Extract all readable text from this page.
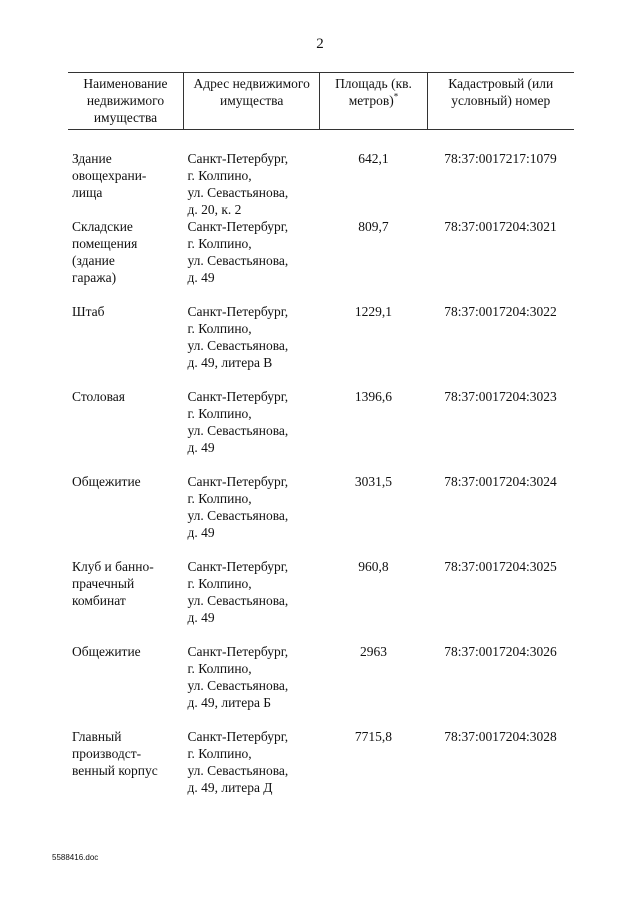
2
Наименование недвижимого имущества	Адрес недвижимого имущества	Площадь (кв. метров)*	Кадастровый (или условный) номер
Здание
овощехрани-
лища	Санкт-Петербург,
г. Колпино,
ул. Севастьянова,
д. 20, к. 2	642,1	78:37:0017217:1079
Складские
помещения
(здание
гаража)	Санкт-Петербург,
г. Колпино,
ул. Севастьянова,
д. 49	809,7	78:37:0017204:3021
Штаб	Санкт-Петербург,
г. Колпино,
ул. Севастьянова,
д. 49, литера В	1229,1	78:37:0017204:3022
Столовая	Санкт-Петербург,
г. Колпино,
ул. Севастьянова,
д. 49	1396,6	78:37:0017204:3023
Общежитие	Санкт-Петербург,
г. Колпино,
ул. Севастьянова,
д. 49	3031,5	78:37:0017204:3024
Клуб и банно-
прачечный
комбинат	Санкт-Петербург,
г. Колпино,
ул. Севастьянова,
д. 49	960,8	78:37:0017204:3025
Общежитие	Санкт-Петербург,
г. Колпино,
ул. Севастьянова,
д. 49, литера Б	2963	78:37:0017204:3026
Главный
производст-
венный корпус	Санкт-Петербург,
г. Колпино,
ул. Севастьянова,
д. 49, литера Д	7715,8	78:37:0017204:3028
5588416.doc
